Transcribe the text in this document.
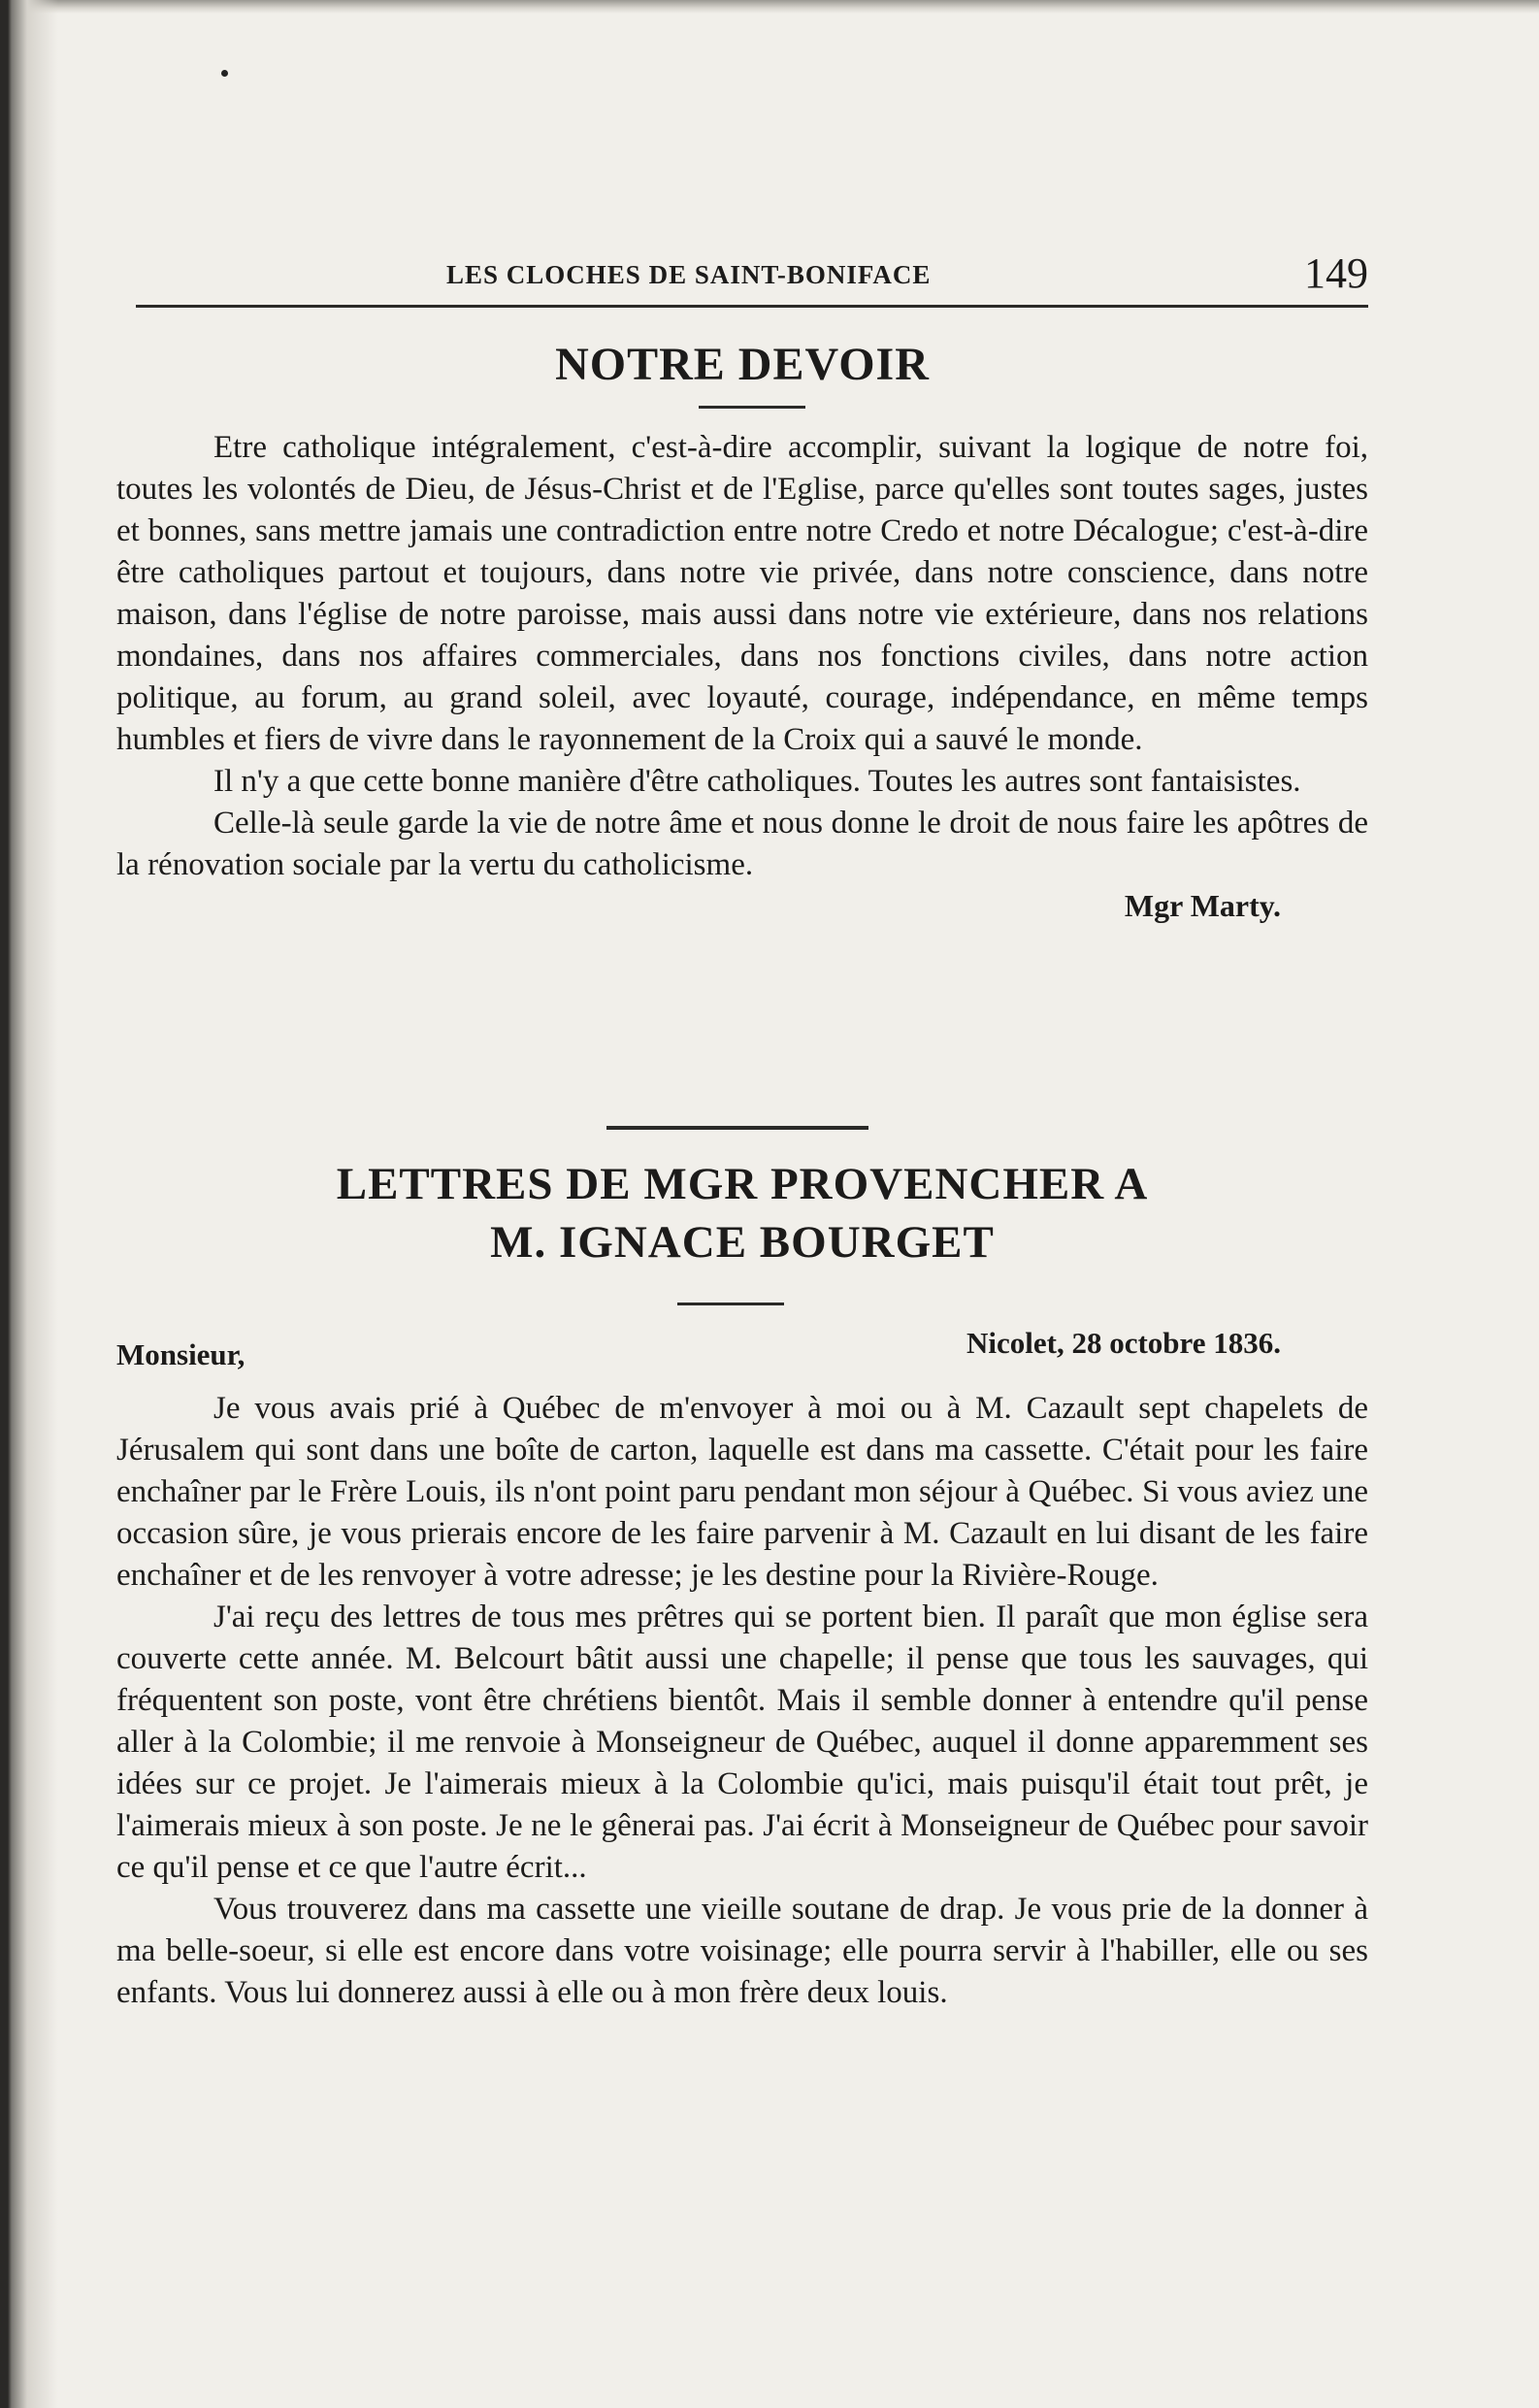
LES CLOCHES DE SAINT-BONIFACE	149
NOTRE DEVOIR

Etre catholique intégralement, c'est-à-dire accomplir, suivant la logique de notre foi, toutes les volontés de Dieu, de Jésus-Christ et de l'Eglise, parce qu'elles sont toutes sages, justes et bonnes, sans mettre jamais une contradiction entre notre Credo et notre Décalogue; c'est-à-dire être catholiques partout et toujours, dans notre vie privée, dans notre conscience, dans notre maison, dans l'église de notre paroisse, mais aussi dans notre vie extérieure, dans nos relations mondaines, dans nos affaires commerciales, dans nos fonctions civiles, dans notre action politique, au forum, au grand soleil, avec loyauté, courage, indépendance, en même temps humbles et fiers de vivre dans le rayonnement de la Croix qui a sauvé le monde.

Il n'y a que cette bonne manière d'être catholiques. Toutes les autres sont fantaisistes.

Celle-là seule garde la vie de notre âme et nous donne le droit de nous faire les apôtres de la rénovation sociale par la vertu du catholicisme.

Mgr Marty.
LETTRES DE MGR PROVENCHER A
M. IGNACE BOURGET
Monsieur,	Nicolet, 28 octobre 1836.

Je vous avais prié à Québec de m'envoyer à moi ou à M. Cazault sept chapelets de Jérusalem qui sont dans une boîte de carton, laquelle est dans ma cassette. C'était pour les faire enchaîner par le Frère Louis, ils n'ont point paru pendant mon séjour à Québec. Si vous aviez une occasion sûre, je vous prierais encore de les faire parvenir à M. Cazault en lui disant de les faire enchaîner et de les renvoyer à votre adresse; je les destine pour la Rivière-Rouge.

J'ai reçu des lettres de tous mes prêtres qui se portent bien. Il paraît que mon église sera couverte cette année. M. Belcourt bâtit aussi une chapelle; il pense que tous les sauvages, qui fréquentent son poste, vont être chrétiens bientôt. Mais il semble donner à entendre qu'il pense aller à la Colombie; il me renvoie à Monseigneur de Québec, auquel il donne apparemment ses idées sur ce projet. Je l'aimerais mieux à la Colombie qu'ici, mais puisqu'il était tout prêt, je l'aimerais mieux à son poste. Je ne le gênerai pas. J'ai écrit à Monseigneur de Québec pour savoir ce qu'il pense et ce que l'autre écrit...

Vous trouverez dans ma cassette une vieille soutane de drap. Je vous prie de la donner à ma belle-soeur, si elle est encore dans votre voisinage; elle pourra servir à l'habiller, elle ou ses enfants. Vous lui donnerez aussi à elle ou à mon frère deux louis.
